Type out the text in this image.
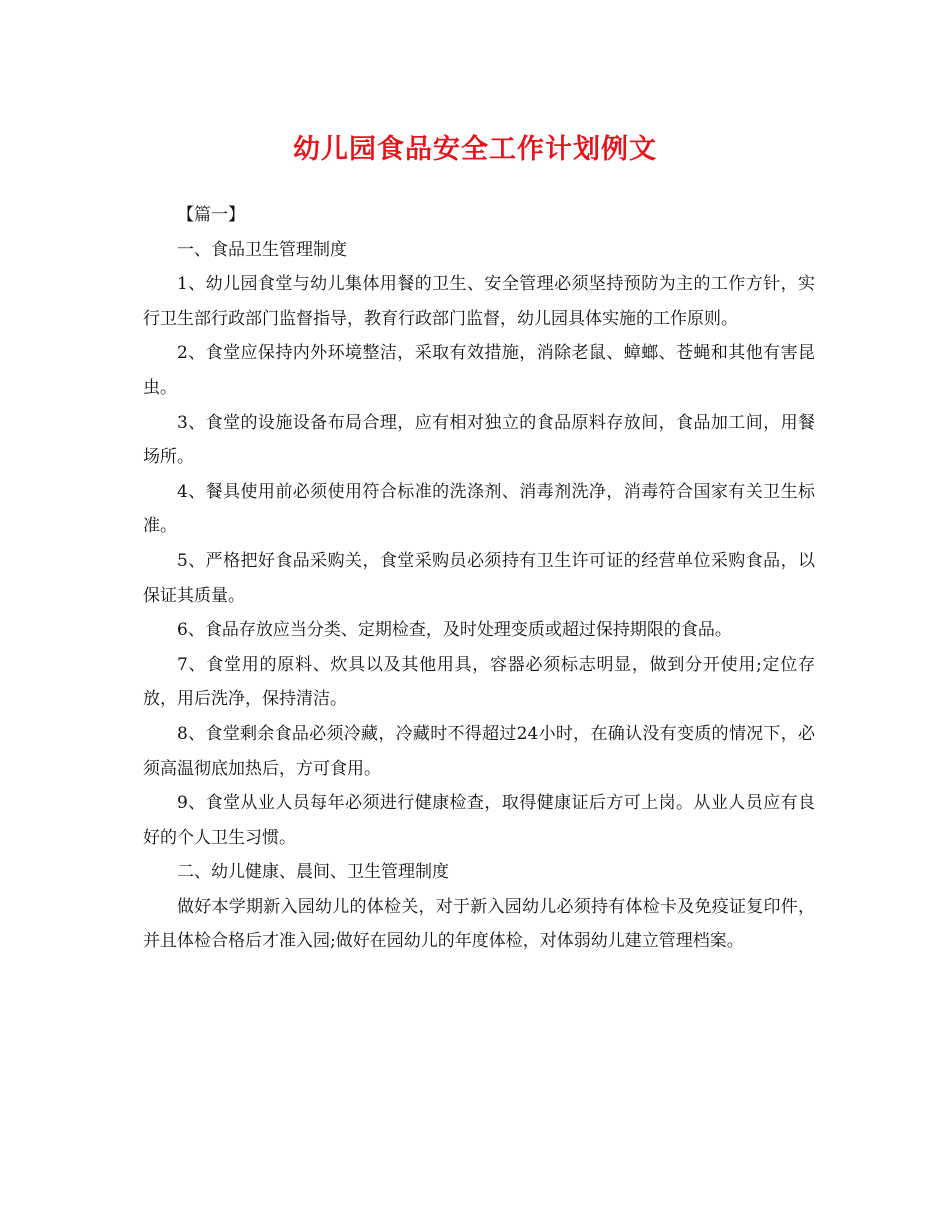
幼儿园食品安全工作计划例文

【篇一】

一、食品卫生管理制度

1、幼儿园食堂与幼儿集体用餐的卫生、安全管理必须坚持预防为主的工作方针，实行卫生部行政部门监督指导，教育行政部门监督，幼儿园具体实施的工作原则。

2、食堂应保持内外环境整洁，采取有效措施，消除老鼠、蟑螂、苍蝇和其他有害昆虫。

3、食堂的设施设备布局合理，应有相对独立的食品原料存放间，食品加工间，用餐场所。

4、餐具使用前必须使用符合标准的洗涤剂、消毒剂洗净，消毒符合国家有关卫生标准。

5、严格把好食品采购关，食堂采购员必须持有卫生许可证的经营单位采购食品，以保证其质量。

6、食品存放应当分类、定期检查，及时处理变质或超过保持期限的食品。

7、食堂用的原料、炊具以及其他用具，容器必须标志明显，做到分开使用;定位存放，用后洗净，保持清洁。

8、食堂剩余食品必须冷藏，冷藏时不得超过24小时，在确认没有变质的情况下，必须高温彻底加热后，方可食用。

9、食堂从业人员每年必须进行健康检查，取得健康证后方可上岗。从业人员应有良好的个人卫生习惯。

二、幼儿健康、晨间、卫生管理制度

做好本学期新入园幼儿的体检关，对于新入园幼儿必须持有体检卡及免疫证复印件，并且体检合格后才准入园;做好在园幼儿的年度体检，对体弱幼儿建立管理档案。
